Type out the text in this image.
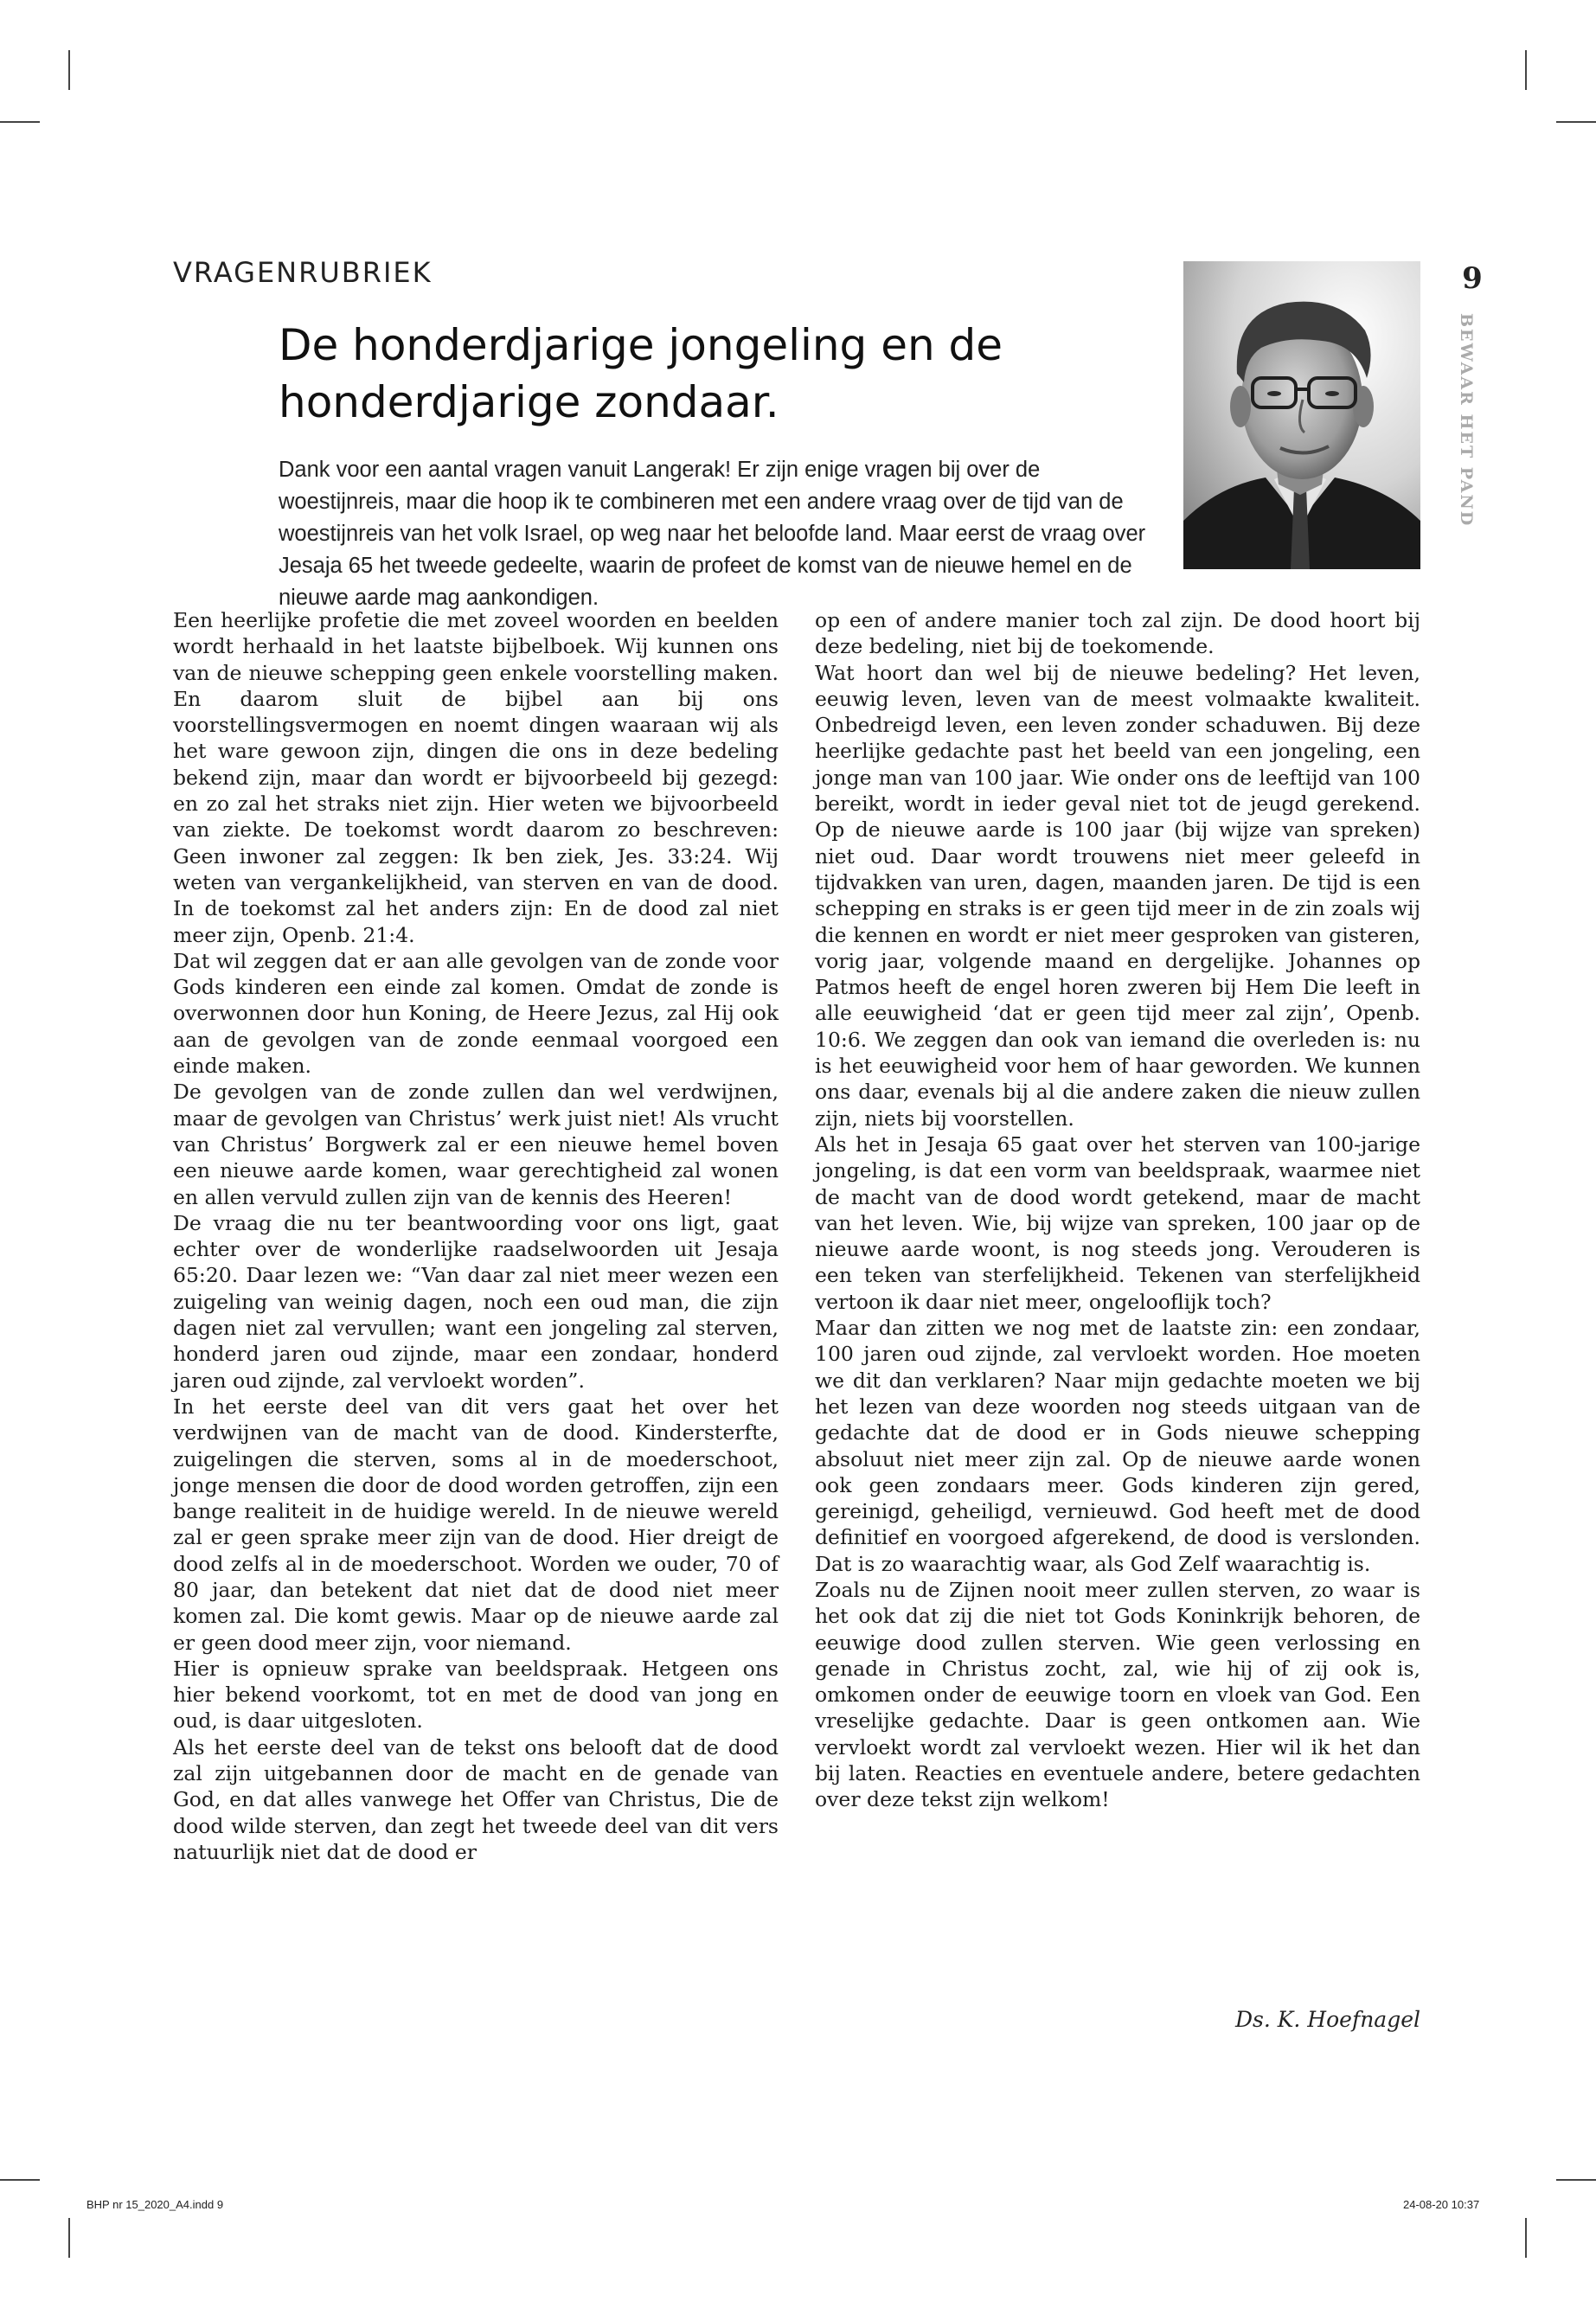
VRAGENRUBRIEK
De honderdjarige jongeling en de
honderdjarige zondaar.
Dank voor een aantal vragen vanuit Langerak! Er zijn enige vragen bij over de woestijnreis, maar die hoop ik te combineren met een andere vraag over de tijd van de woestijnreis van het volk Israel, op weg naar het beloofde land. Maar eerst de vraag over Jesaja 65 het tweede gedeelte, waarin de profeet de komst van de nieuwe hemel en de nieuwe aarde mag aankondigen.
9
BEWAAR HET PAND

Een heerlijke profetie die met zoveel woorden en beelden wordt herhaald in het laatste bijbelboek. Wij kunnen ons van de nieuwe schepping geen enkele voorstelling maken. En daarom sluit de bijbel aan bij ons voorstellingsvermogen en noemt dingen waaraan wij als het ware gewoon zijn, dingen die ons in deze bedeling bekend zijn, maar dan wordt er bijvoorbeeld bij gezegd: en zo zal het straks niet zijn. Hier weten we bijvoorbeeld van ziekte. De toekomst wordt daarom zo beschreven: Geen inwoner zal zeggen: Ik ben ziek, Jes. 33:24. Wij weten van vergankelijkheid, van sterven en van de dood. In de toekomst zal het anders zijn: En de dood zal niet meer zijn, Openb. 21:4.

Dat wil zeggen dat er aan alle gevolgen van de zonde voor Gods kinderen een einde zal komen. Omdat de zonde is overwonnen door hun Koning, de Heere Jezus, zal Hij ook aan de gevolgen van de zonde eenmaal voorgoed een einde maken.

De gevolgen van de zonde zullen dan wel verdwijnen, maar de gevolgen van Christus’ werk juist niet! Als vrucht van Christus’ Borgwerk zal er een nieuwe hemel boven een nieuwe aarde komen, waar gerechtigheid zal wonen en allen vervuld zullen zijn van de kennis des Heeren!

De vraag die nu ter beantwoording voor ons ligt, gaat echter over de wonderlijke raadselwoorden uit Jesaja 65:20. Daar lezen we: “Van daar zal niet meer wezen een zuigeling van weinig dagen, noch een oud man, die zijn dagen niet zal vervullen; want een jongeling zal sterven, honderd jaren oud zijnde, maar een zondaar, honderd jaren oud zijnde, zal vervloekt worden”.

In het eerste deel van dit vers gaat het over het verdwijnen van de macht van de dood. Kindersterfte, zuigelingen die sterven, soms al in de moederschoot, jonge mensen die door de dood worden getroffen, zijn een bange realiteit in de huidige wereld. In de nieuwe wereld zal er geen sprake meer zijn van de dood. Hier dreigt de dood zelfs al in de moederschoot. Worden we ouder, 70 of 80 jaar, dan betekent dat niet dat de dood niet meer komen zal. Die komt gewis. Maar op de nieuwe aarde zal er geen dood meer zijn, voor niemand.

Hier is opnieuw sprake van beeldspraak. Hetgeen ons hier bekend voorkomt, tot en met de dood van jong en oud, is daar uitgesloten.

Als het eerste deel van de tekst ons belooft dat de dood zal zijn uitgebannen door de macht en de genade van God, en dat alles vanwege het Offer van Christus, Die de dood wilde sterven, dan zegt het tweede deel van dit vers natuurlijk niet dat de dood er

op een of andere manier toch zal zijn. De dood hoort bij deze bedeling, niet bij de toekomende.

Wat hoort dan wel bij de nieuwe bedeling? Het leven, eeuwig leven, leven van de meest volmaakte kwaliteit. Onbedreigd leven, een leven zonder schaduwen. Bij deze heerlijke gedachte past het beeld van een jongeling, een jonge man van 100 jaar. Wie onder ons de leeftijd van 100 bereikt, wordt in ieder geval niet tot de jeugd gerekend. Op de nieuwe aarde is 100 jaar (bij wijze van spreken) niet oud. Daar wordt trouwens niet meer geleefd in tijdvakken van uren, dagen, maanden jaren. De tijd is een schepping en straks is er geen tijd meer in de zin zoals wij die kennen en wordt er niet meer gesproken van gisteren, vorig jaar, volgende maand en dergelijke. Johannes op Patmos heeft de engel horen zweren bij Hem Die leeft in alle eeuwigheid ‘dat er geen tijd meer zal zijn’, Openb. 10:6. We zeggen dan ook van iemand die overleden is: nu is het eeuwigheid voor hem of haar geworden. We kunnen ons daar, evenals bij al die andere zaken die nieuw zullen zijn, niets bij voorstellen.

Als het in Jesaja 65 gaat over het sterven van 100-jarige jongeling, is dat een vorm van beeldspraak, waarmee niet de macht van de dood wordt getekend, maar de macht van het leven. Wie, bij wijze van spreken, 100 jaar op de nieuwe aarde woont, is nog steeds jong. Verouderen is een teken van sterfelijkheid. Tekenen van sterfelijkheid vertoon ik daar niet meer, ongelooflijk toch?

Maar dan zitten we nog met de laatste zin: een zondaar, 100 jaren oud zijnde, zal vervloekt worden. Hoe moeten we dit dan verklaren? Naar mijn gedachte moeten we bij het lezen van deze woorden nog steeds uitgaan van de gedachte dat de dood er in Gods nieuwe schepping absoluut niet meer zijn zal. Op de nieuwe aarde wonen ook geen zondaars meer. Gods kinderen zijn gered, gereinigd, geheiligd, vernieuwd. God heeft met de dood definitief en voorgoed afgerekend, de dood is verslonden. Dat is zo waarachtig waar, als God Zelf waarachtig is.

Zoals nu de Zijnen nooit meer zullen sterven, zo waar is het ook dat zij die niet tot Gods Koninkrijk behoren, de eeuwige dood zullen sterven. Wie geen verlossing en genade in Christus zocht, zal, wie hij of zij ook is, omkomen onder de eeuwige toorn en vloek van God. Een vreselijke gedachte. Daar is geen ontkomen aan. Wie vervloekt wordt zal vervloekt wezen. Hier wil ik het dan bij laten. Reacties en eventuele andere, betere gedachten over deze tekst zijn welkom!

Ds. K. Hoefnagel
BHP nr 15_2020_A4.indd 9	24-08-20 10:37
